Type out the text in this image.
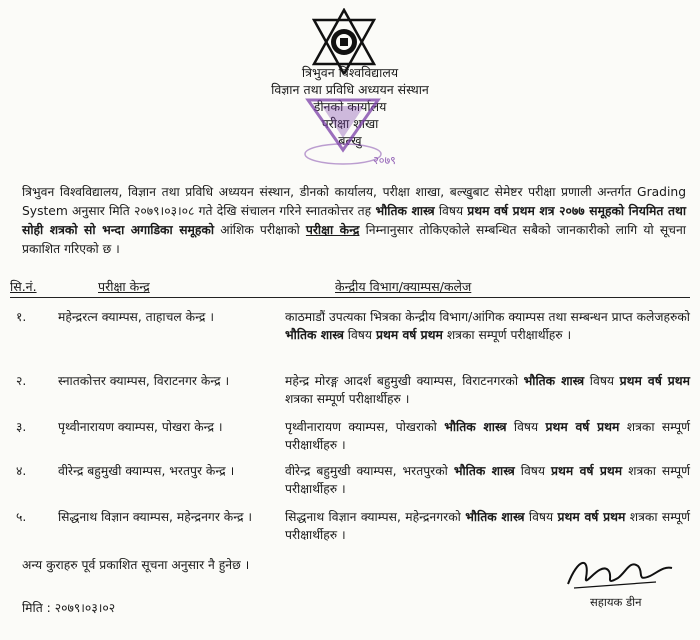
त्रिभुवन विश्वविद्यालय
विज्ञान तथा प्रविधि अध्ययन संस्थान
डीनको कार्यालय
परीक्षा शाखा
बल्खु
२०७९
त्रिभुवन विश्वविद्यालय, विज्ञान तथा प्रविधि अध्ययन संस्थान, डीनको कार्यालय, परीक्षा शाखा, बल्खुबाट सेमेष्टर परीक्षा प्रणाली अन्तर्गत Grading System अनुसार मिति २०७९।०३।०८ गते देखि संचालन गरिने स्नातकोत्तर तह भौतिक शास्त्र विषय प्रथम वर्ष प्रथम शत्र २०७७ समूहको नियमित तथा सोही शत्रको सो भन्दा अगाडिका समूहको आंशिक परीक्षाको परीक्षा केन्द्र निम्नानुसार तोकिएकोले सम्बन्धित सबैको जानकारीको लागि यो सूचना प्रकाशित गरिएको छ ।
सि.नं.	परीक्षा केन्द्र	केन्द्रीय विभाग/क्याम्पस/कलेज
१.	महेन्द्ररत्न क्याम्पस, ताहाचल केन्द्र ।	काठमाडौं उपत्यका भित्रका केन्द्रीय विभाग/आंगिक क्याम्पस तथा सम्बन्धन प्राप्त कलेजहरुको भौतिक शास्त्र विषय प्रथम वर्ष प्रथम शत्रका सम्पूर्ण परीक्षार्थीहरु ।
२.	स्नातकोत्तर क्याम्पस, विराटनगर केन्द्र ।	महेन्द्र मोरङ्ग आदर्श बहुमुखी क्याम्पस, विराटनगरको भौतिक शास्त्र विषय प्रथम वर्ष प्रथम शत्रका सम्पूर्ण परीक्षार्थीहरु ।
३.	पृथ्वीनारायण क्याम्पस, पोखरा केन्द्र ।	पृथ्वीनारायण क्याम्पस, पोखराको भौतिक शास्त्र विषय प्रथम वर्ष प्रथम शत्रका सम्पूर्ण परीक्षार्थीहरु ।
४.	वीरेन्द्र बहुमुखी क्याम्पस, भरतपुर केन्द्र ।	वीरेन्द्र बहुमुखी क्याम्पस, भरतपुरको भौतिक शास्त्र विषय प्रथम वर्ष प्रथम शत्रका सम्पूर्ण परीक्षार्थीहरु ।
५.	सिद्धनाथ विज्ञान क्याम्पस, महेन्द्रनगर केन्द्र ।	सिद्धनाथ विज्ञान क्याम्पस, महेन्द्रनगरको भौतिक शास्त्र विषय प्रथम वर्ष प्रथम शत्रका सम्पूर्ण परीक्षार्थीहरु ।
अन्य कुराहरु पूर्व प्रकाशित सूचना अनुसार नै हुनेछ ।
मिति : २०७९।०३।०२	सहायक डीन
